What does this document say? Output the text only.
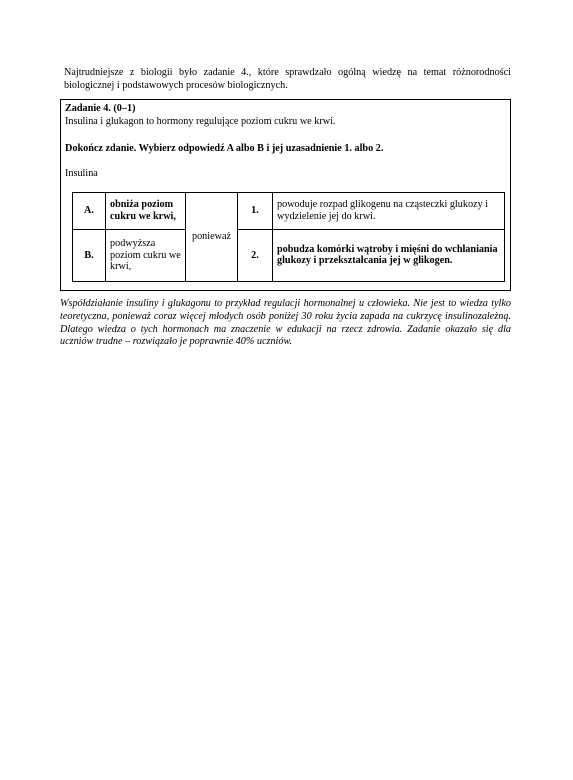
Najtrudniejsze z biologii było zadanie 4., które sprawdzało ogólną wiedzę na temat różnorodności biologicznej i podstawowych procesów biologicznych.

Zadanie 4. (0–1)

Insulina i glukagon to hormony regulujące poziom cukru we krwi.

Dokończ zdanie. Wybierz odpowiedź A albo B i jej uzasadnienie 1. albo 2.

Insulina

A.	obniża poziom cukru we krwi,	ponieważ	1.	powoduje rozpad glikogenu na cząsteczki glukozy i wydzielenie jej do krwi.
B.	podwyższa poziom cukru we krwi,		2.	pobudza komórki wątroby i mięśni do wchłaniania glukozy i przekształcania jej w glikogen.

Współdziałanie insuliny i glukagonu to przykład regulacji hormonalnej u człowieka. Nie jest to wiedza tylko teoretyczna, ponieważ coraz więcej młodych osób poniżej 30 roku życia zapada na cukrzycę insulinozależną. Dlatego wiedza o tych hormonach ma znaczenie w edukacji na rzecz zdrowia. Zadanie okazało się dla uczniów trudne – rozwiązało je poprawnie 40% uczniów.
